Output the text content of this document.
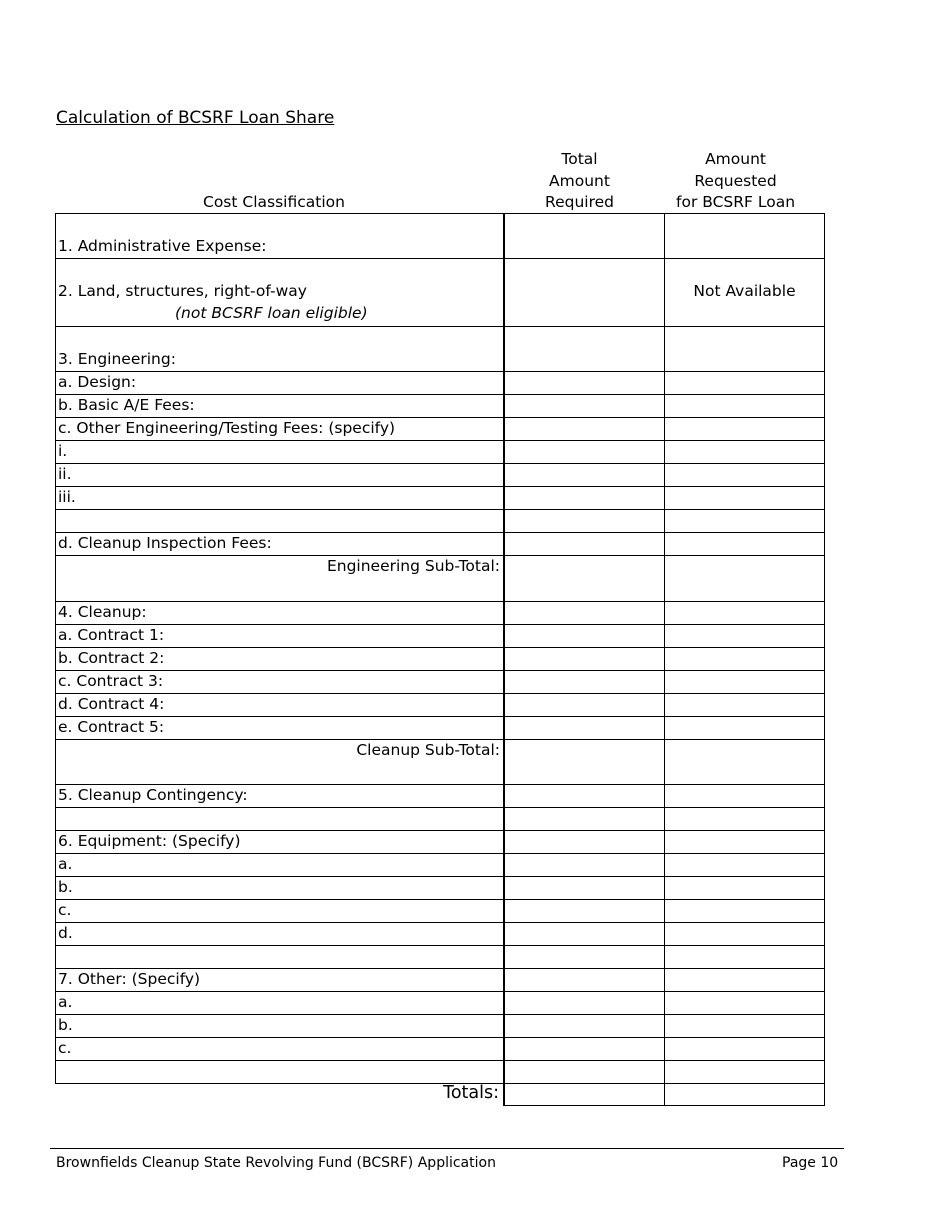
Calculation of BCSRF Loan Share
Cost Classification
Total
Amount
Required
Amount
Requested
for BCSRF Loan
1. Administrative Expense:
2. Land, structures, right-of-way
(not BCSRF loan eligible)
Not Available
3. Engineering:
a. Design:
b. Basic A/E Fees:
c. Other Engineering/Testing Fees: (specify)
i.
ii.
iii.
d. Cleanup Inspection Fees:
Engineering Sub-Total:
4. Cleanup:
a. Contract 1:
b. Contract 2:
c. Contract 3:
d. Contract 4:
e. Contract 5:
Cleanup Sub-Total:
5. Cleanup Contingency:
6. Equipment: (Specify)
a.
b.
c.
d.
7. Other: (Specify)
a.
b.
c.
Totals:
Brownfields Cleanup State Revolving Fund (BCSRF) Application	Page 10
